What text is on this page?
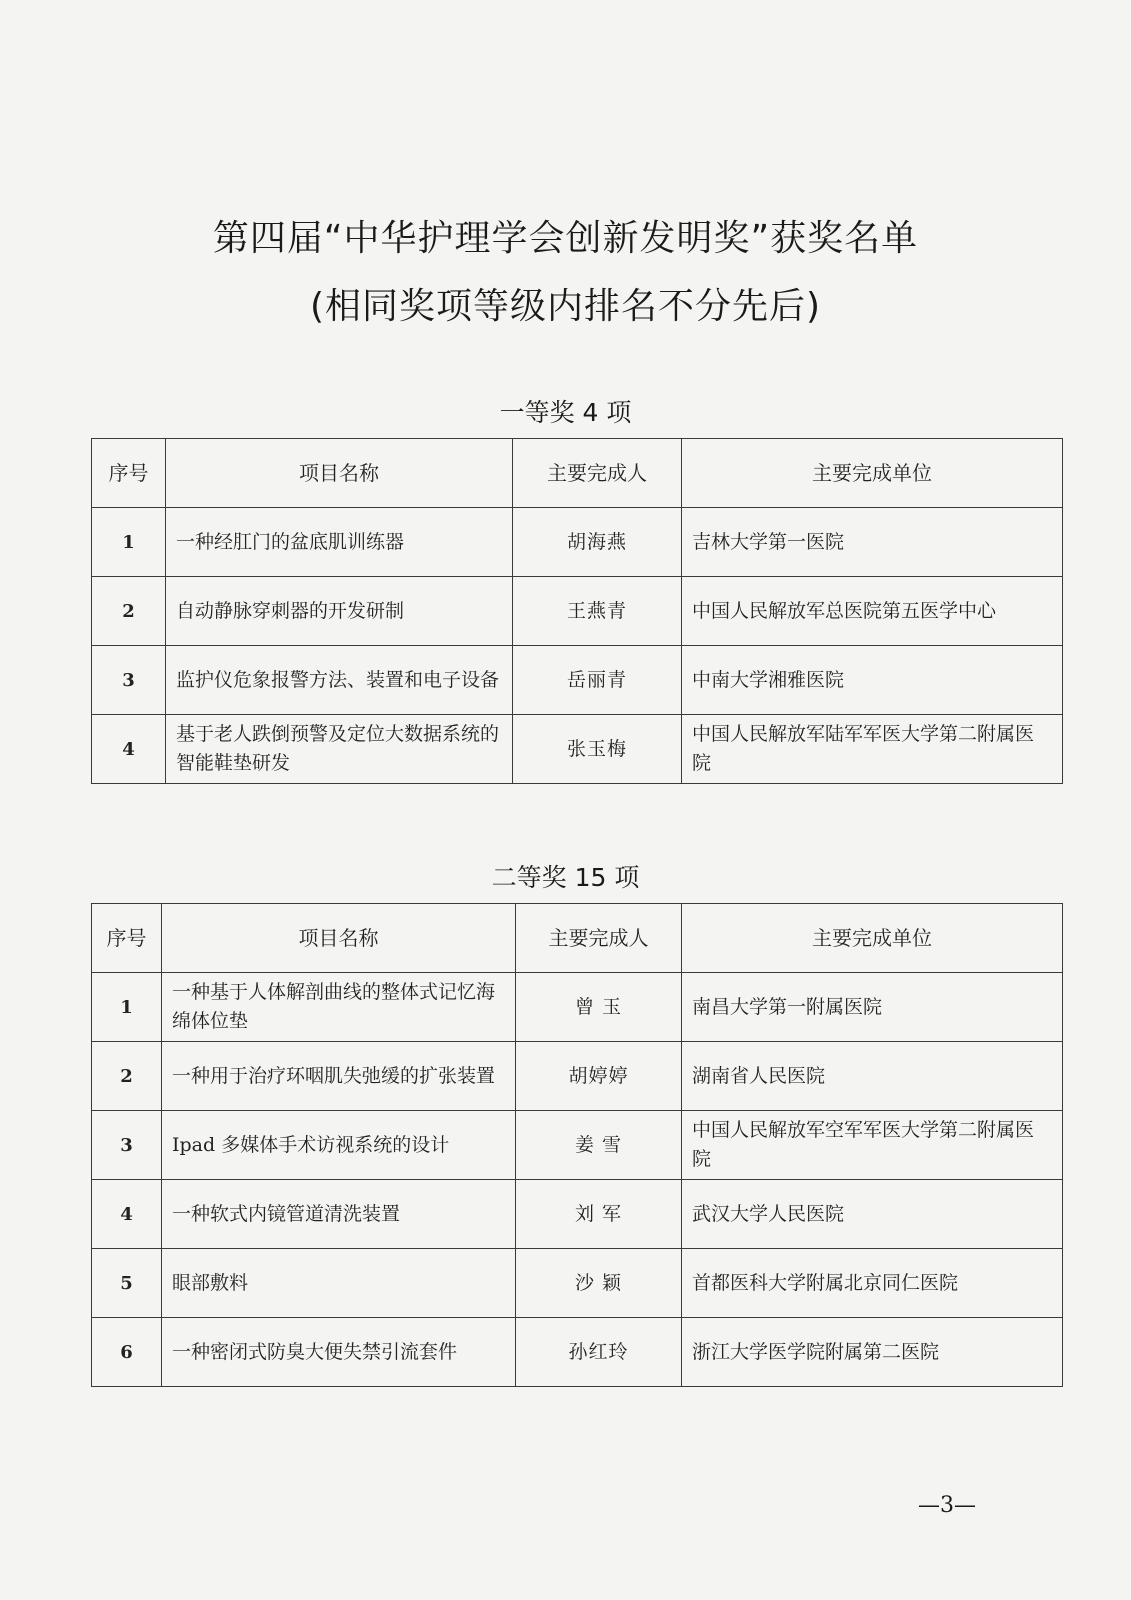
第四届“中华护理学会创新发明奖”获奖名单
(相同奖项等级内排名不分先后)
一等奖 4 项
序号	项目名称	主要完成人	主要完成单位
1	一种经肛门的盆底肌训练器	胡海燕	吉林大学第一医院
2	自动静脉穿刺器的开发研制	王燕青	中国人民解放军总医院第五医学中心
3	监护仪危象报警方法、装置和电子设备	岳丽青	中南大学湘雅医院
4	基于老人跌倒预警及定位大数据系统的智能鞋垫研发	张玉梅	中国人民解放军陆军军医大学第二附属医院
二等奖 15 项
序号	项目名称	主要完成人	主要完成单位
1	一种基于人体解剖曲线的整体式记忆海绵体位垫	曾 玉	南昌大学第一附属医院
2	一种用于治疗环咽肌失弛缓的扩张装置	胡婷婷	湖南省人民医院
3	Ipad 多媒体手术访视系统的设计	姜 雪	中国人民解放军空军军医大学第二附属医院
4	一种软式内镜管道清洗装置	刘 军	武汉大学人民医院
5	眼部敷料	沙 颖	首都医科大学附属北京同仁医院
6	一种密闭式防臭大便失禁引流套件	孙红玲	浙江大学医学院附属第二医院
—3—
